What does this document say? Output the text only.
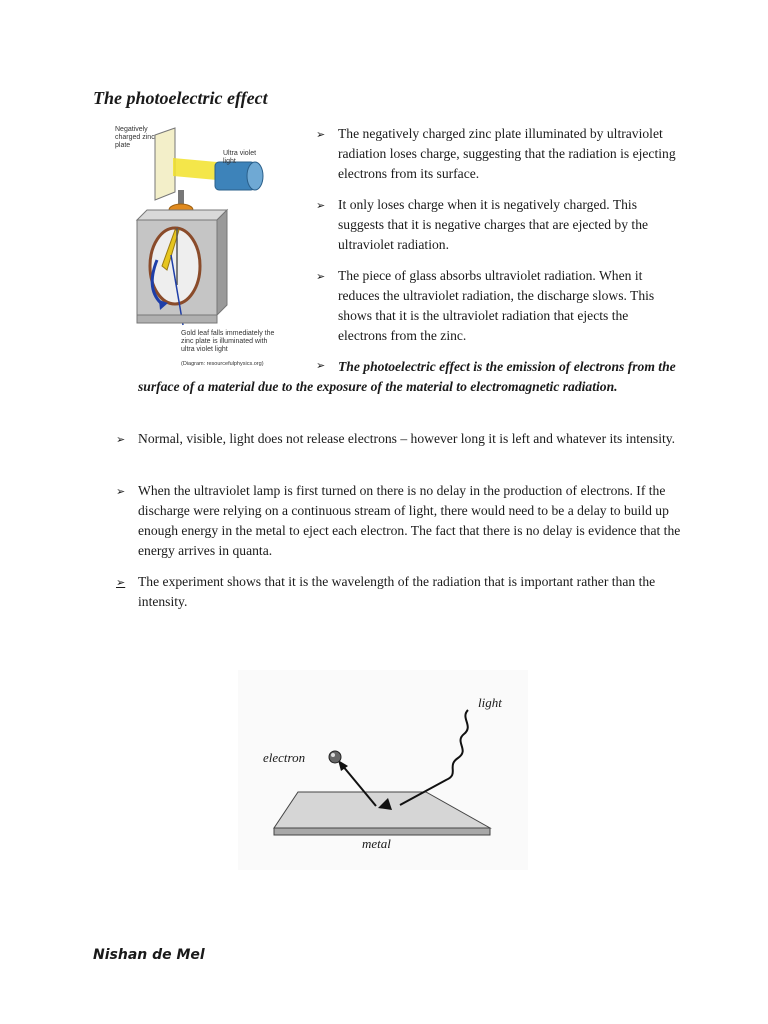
The photoelectric effect
Negatively charged zinc plate
Ultra violet light
Gold leaf falls immediately the zinc plate is illuminated with ultra violet light
(Diagram: resourcefulphysics.org)
➢ The negatively charged zinc plate illuminated by ultraviolet radiation loses charge, suggesting that the radiation is ejecting electrons from its surface.
➢ It only loses charge when it is negatively charged. This suggests that it is negative charges that are ejected by the ultraviolet radiation.
➢ The piece of glass absorbs ultraviolet radiation. When it reduces the ultraviolet radiation, the discharge slows. This shows that it is the ultraviolet radiation that ejects the electrons from the zinc.
➢ The photoelectric effect is the emission of electrons from the surface of a material due to the exposure of the material to electromagnetic radiation.
➢ Normal, visible, light does not release electrons – however long it is left and whatever its intensity.
➢ When the ultraviolet lamp is first turned on there is no delay in the production of electrons. If the discharge were relying on a continuous stream of light, there would need to be a delay to build up enough energy in the metal to eject each electron. The fact that there is no delay is evidence that the energy arrives in quanta.
➢ The experiment shows that it is the wavelength of the radiation that is important rather than the intensity.
light
electron
metal
Nishan de Mel
